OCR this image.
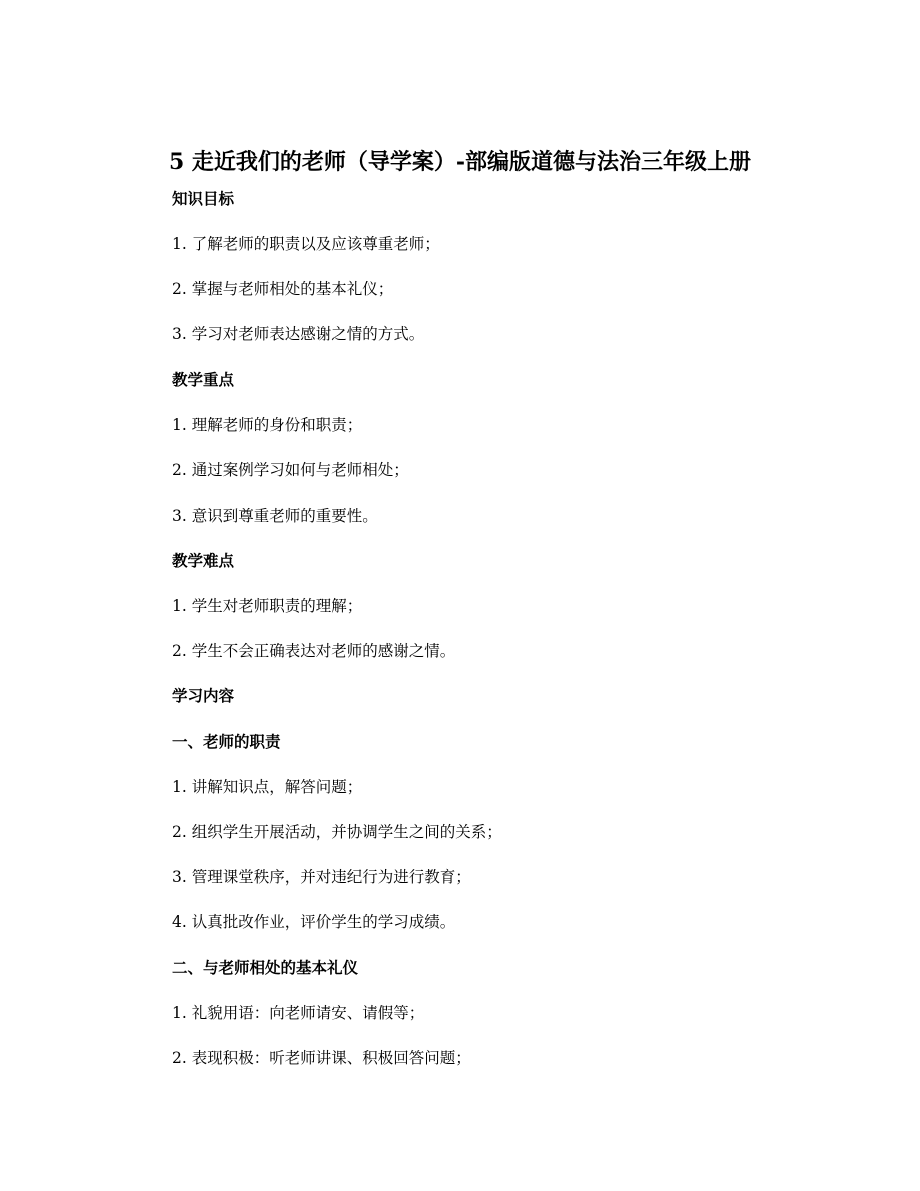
5 走近我们的老师（导学案）-部编版道德与法治三年级上册
知识目标
1. 了解老师的职责以及应该尊重老师；
2. 掌握与老师相处的基本礼仪；
3. 学习对老师表达感谢之情的方式。
教学重点
1. 理解老师的身份和职责；
2. 通过案例学习如何与老师相处；
3. 意识到尊重老师的重要性。
教学难点
1. 学生对老师职责的理解；
2. 学生不会正确表达对老师的感谢之情。
学习内容
一、老师的职责
1. 讲解知识点，解答问题；
2. 组织学生开展活动，并协调学生之间的关系；
3. 管理课堂秩序，并对违纪行为进行教育；
4. 认真批改作业，评价学生的学习成绩。
二、与老师相处的基本礼仪
1. 礼貌用语：向老师请安、请假等；
2. 表现积极：听老师讲课、积极回答问题；
